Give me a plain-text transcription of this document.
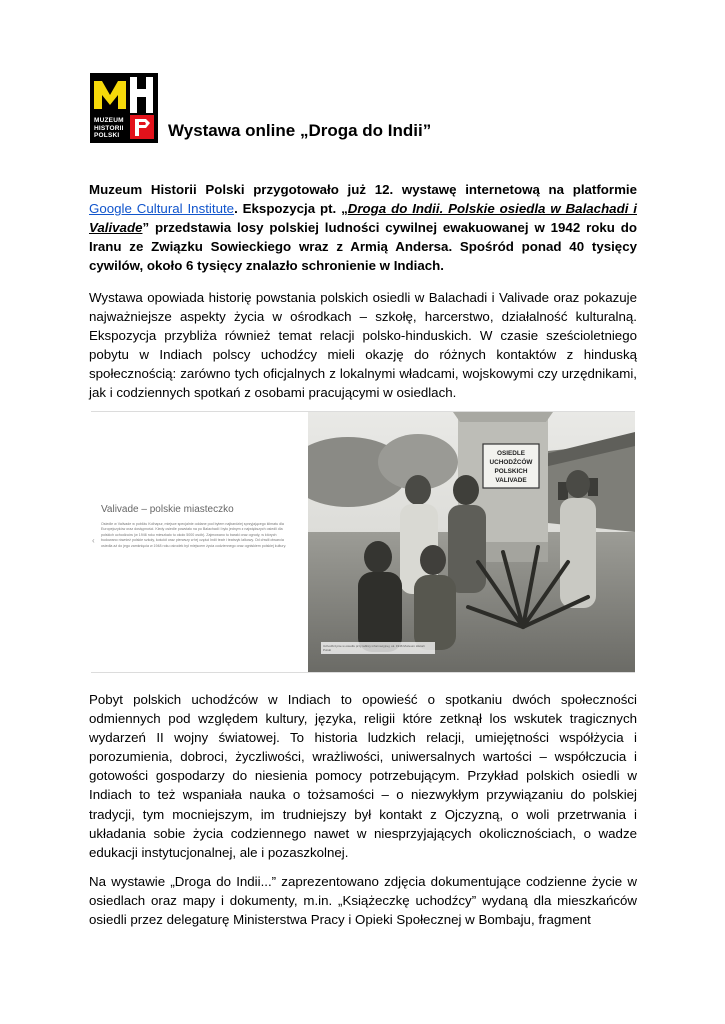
MUZEUM
HISTORII
POLSKI	Wystawa online „Droga do Indii”

Muzeum Historii Polski przygotowało już 12. wystawę internetową na platformie Google Cultural Institute. Ekspozycja pt. „Droga do Indii. Polskie osiedla w Balachadi i Valivade” przedstawia losy polskiej ludności cywilnej ewakuowanej w 1942 roku do Iranu ze Związku Sowieckiego wraz z Armią Andersa. Spośród ponad 40 tysięcy cywilów, około 6 tysięcy znalazło schronienie w Indiach.

Wystawa opowiada historię powstania polskich osiedli w Balachadi i Valivade oraz pokazuje najważniejsze aspekty życia w ośrodkach – szkołę, harcerstwo, działalność kulturalną. Ekspozycja przybliża również temat relacji polsko-hinduskich. W czasie sześcioletniego pobytu w Indiach polscy uchodźcy mieli okazję do różnych kontaktów z hinduską społecznością: zarówno tych oficjalnych z lokalnymi władcami, wojskowymi czy urzędnikami, jak i codziennych spotkań z osobami pracującymi w osiedlach.

‹
Valivade – polskie miasteczko
Osiedle w Valivade w pobliżu Kolhapur, miejsce specjalnie oddane pod bytem najbardziej sprzyjającego klimatu dla Europejczyków oraz dostępności. Kiedy osiedle powstało na po Balachadi i było jednym z największych osiedli dla polskich uchodźców (w 1946 roku mieszkało tu około 5000 osób). Zajmowano tu baraki oraz ogrody, w których budowano również polskie szkoły, kościół oraz pierwszy w tej części Indii teatr i teatrzyk lalkowy. Od chwili otwarcia osiedla aż do jego zamknięcia w 1948 roku ośrodek był miejscem życia codziennego oraz ogniskiem polskiej kultury.
OSIEDLE
UCHODŹCÓW
POLSKICH
VALIVADE
Uchodźczynie w osiedlu przy tablicy informacyjnej, ok. 1946 Muzeum Historii Polski
›

Pobyt polskich uchodźców w Indiach to opowieść o spotkaniu dwóch społeczności odmiennych pod względem kultury, języka, religii które zetknął los wskutek tragicznych wydarzeń II wojny światowej. To historia ludzkich relacji, umiejętności współżycia i porozumienia, dobroci, życzliwości, wrażliwości, uniwersalnych wartości – współczucia i gotowości gospodarzy do niesienia pomocy potrzebującym. Przykład polskich osiedli w Indiach to też wspaniała nauka o tożsamości – o niezwykłym przywiązaniu do polskiej tradycji, tym mocniejszym, im trudniejszy był kontakt z Ojczyzną, o woli przetrwania i układania sobie życia codziennego nawet w niesprzyjających okolicznościach, o wadze edukacji instytucjonalnej, ale i pozaszkolnej.

Na wystawie „Droga do Indii...” zaprezentowano zdjęcia dokumentujące codzienne życie w osiedlach oraz mapy i dokumenty, m.in. „Książeczkę uchodźcy” wydaną dla mieszkańców osiedli przez delegaturę Ministerstwa Pracy i Opieki Społecznej w Bombaju, fragment
